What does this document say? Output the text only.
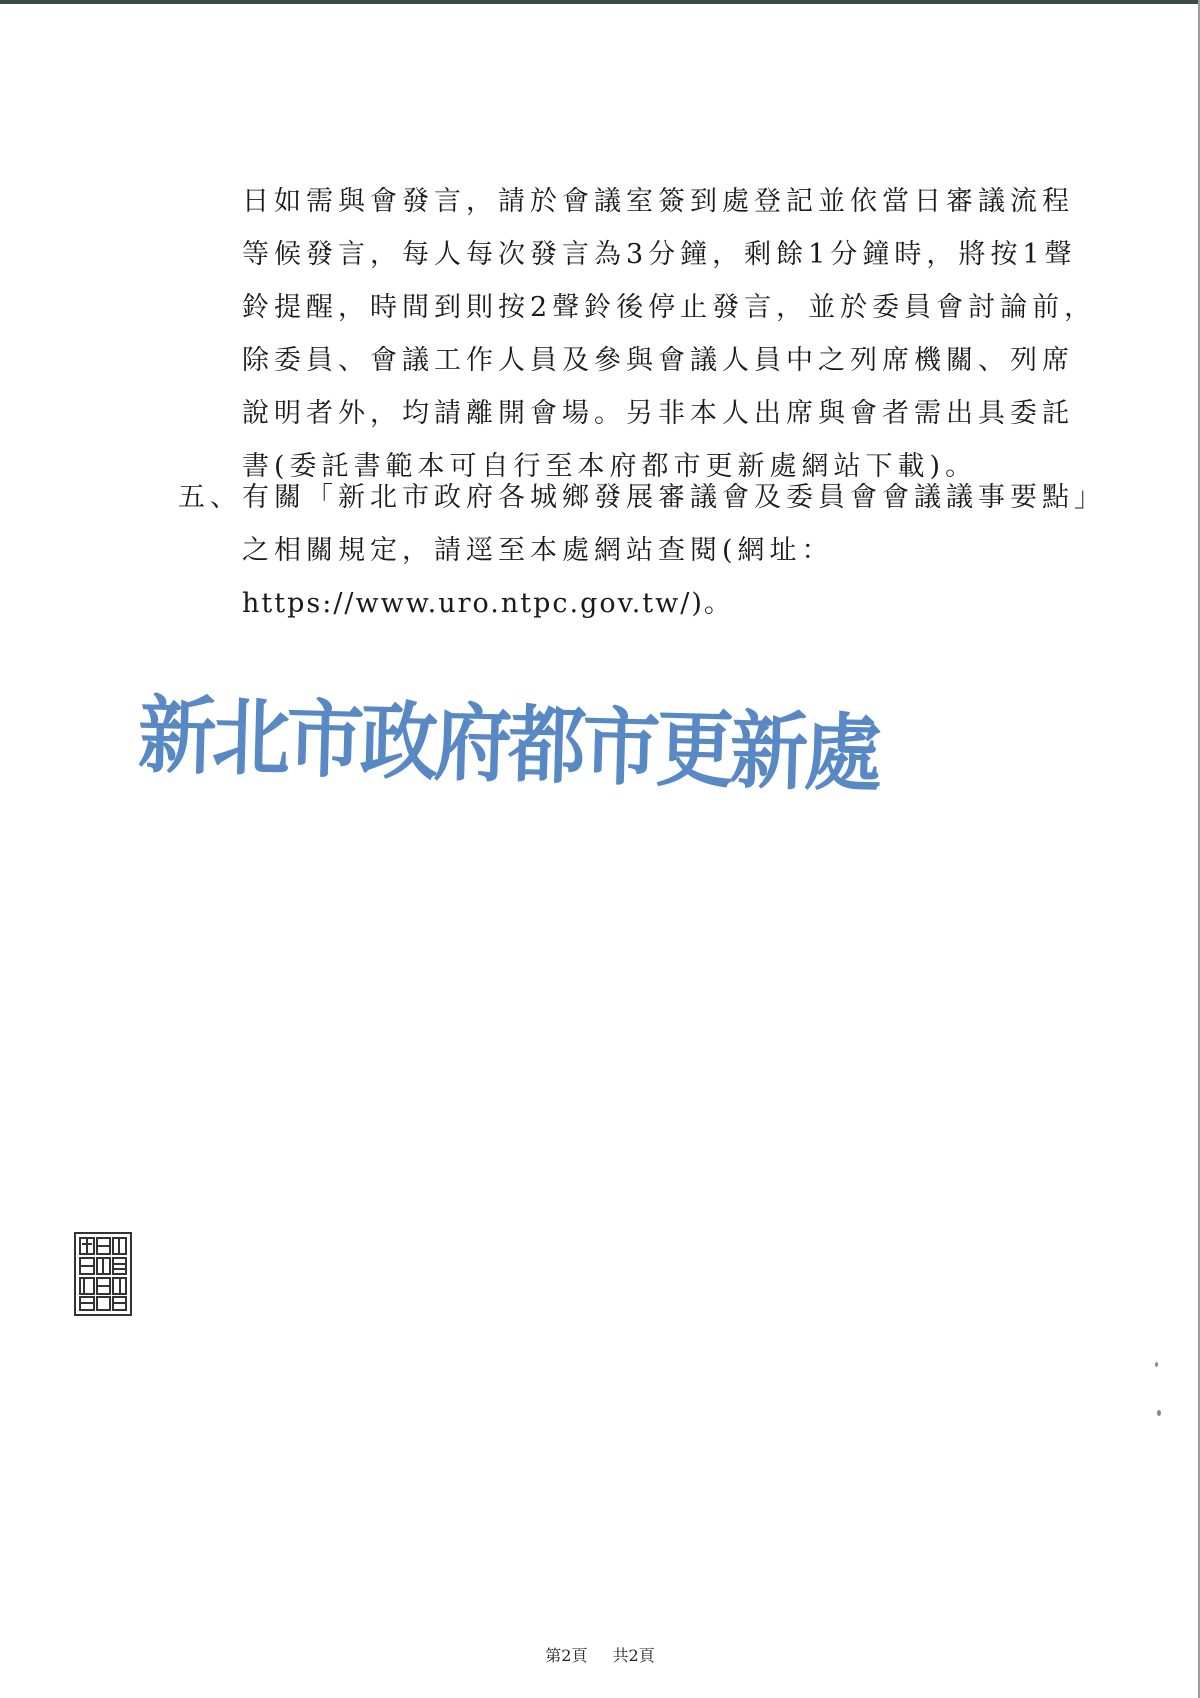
日如需與會發言，請於會議室簽到處登記並依當日審議流程
等候發言，每人每次發言為3分鐘，剩餘1分鐘時，將按1聲
鈴提醒，時間到則按2聲鈴後停止發言，並於委員會討論前，
除委員、會議工作人員及參與會議人員中之列席機關、列席
說明者外，均請離開會場。另非本人出席與會者需出具委託
書(委託書範本可自行至本府都市更新處網站下載)。
五、 有關「新北市政府各城鄉發展審議會及委員會會議議事要點」
之相關規定，請逕至本處網站查閱(網址：
https://www.uro.ntpc.gov.tw/)。
新北市政府都市更新處
第2頁 共2頁
